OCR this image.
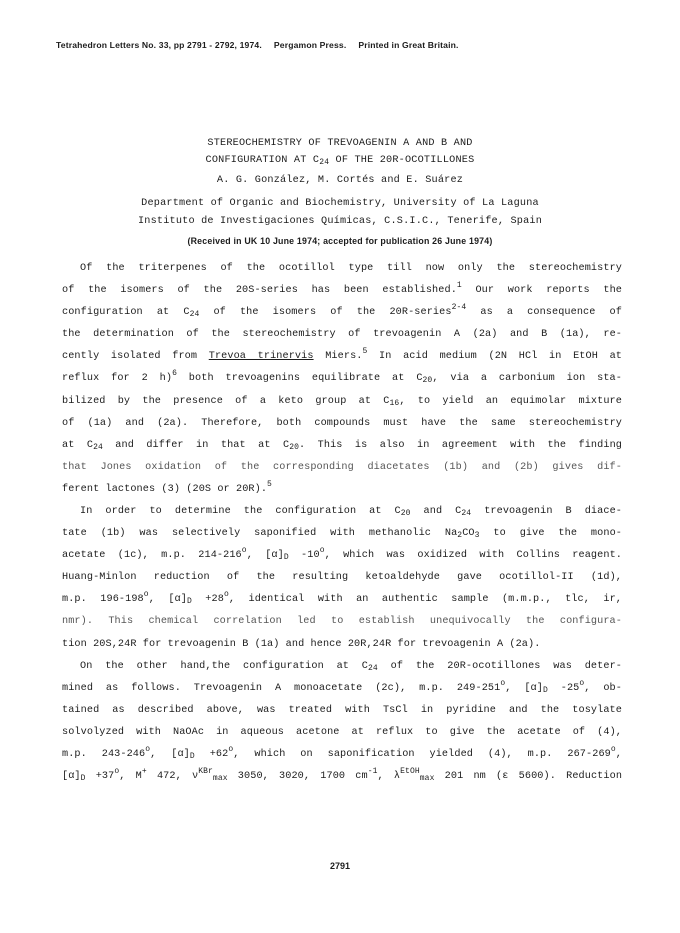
Tetrahedron Letters No. 33, pp 2791 - 2792, 1974. Pergamon Press. Printed in Great Britain.
STEREOCHEMISTRY OF TREVOAGENIN A AND B AND
CONFIGURATION AT $C_{24}$ OF THE 20R-OCOTILLONES
A. G. González, M. Cortés and E. Suárez
Department of Organic and Biochemistry, University of La Laguna
Instituto de Investigaciones Químicas, C.S.I.C., Tenerife, Spain
(Received in UK 10 June 1974; accepted for publication 26 June 1974)
Of the triterpenes of the ocotillol type till now only the stereochemistry
of the isomers of the 20S-series has been established.$^1$ Our work reports the
configuration at $C_{24}$ of the isomers of the 20R-series$^{2-4}$ as a consequence of
the determination of the stereochemistry of trevoagenin A (2a) and B (1a), re-
cently isolated from Trevoa trinervis Miers.$^5$ In acid medium (2N HCl in EtOH at
reflux for 2 h)$^6$ both trevoagenins equilibrate at $C_{20}$, via a carbonium ion sta-
bilized by the presence of a keto group at $C_{16}$, to yield an equimolar mixture
of (1a) and (2a). Therefore, both compounds must have the same stereochemistry
at $C_{24}$ and differ in that at $C_{20}$. This is also in agreement with the finding
that Jones oxidation of the corresponding diacetates (1b) and (2b) gives dif-
ferent lactones (3) (20S or 20R).$^5$
In order to determine the configuration at $C_{20}$ and $C_{24}$ trevoagenin B diace-
tate (1b) was selectively saponified with methanolic $Na_2CO_3$ to give the mono-
acetate (1c), m.p. 214-216$^o$, $[\alpha]_D$ -10$^o$, which was oxidized with Collins reagent.
Huang-Minlon reduction of the resulting ketoaldehyde gave ocotillol-II (1d),
m.p. 196-198$^o$, $[\alpha]_D +28^o$, identical with an authentic sample (m.m.p., tlc, ir,
nmr). This chemical correlation led to establish unequivocally the configura-
tion 20S,24R for trevoagenin B (1a) and hence 20R,24R for trevoagenin A (2a).
On the other hand,the configuration at $C_{24}$ of the 20R-ocotillones was deter-
mined as follows. Trevoagenin A monoacetate (2c), m.p. 249-251$^o$, $[\alpha]_D$ -25$^o$, ob-
tained as described above, was treated with TsCl in pyridine and the tosylate
solvolyzed with NaOAc in aqueous acetone at reflux to give the acetate of (4),
m.p. 243-246$^o$, $[\alpha]_D +62^o$, which on saponification yielded (4), m.p. 267-269$^o$,
$[\alpha]_D +37^o$, M+ 472, $\nu^{KBr}_{max}$ 3050, 3020, 1700 $cm^{-1}$, $\lambda^{EtOH}_{max}$ 201 nm (ε 5600). Reduction
2791
